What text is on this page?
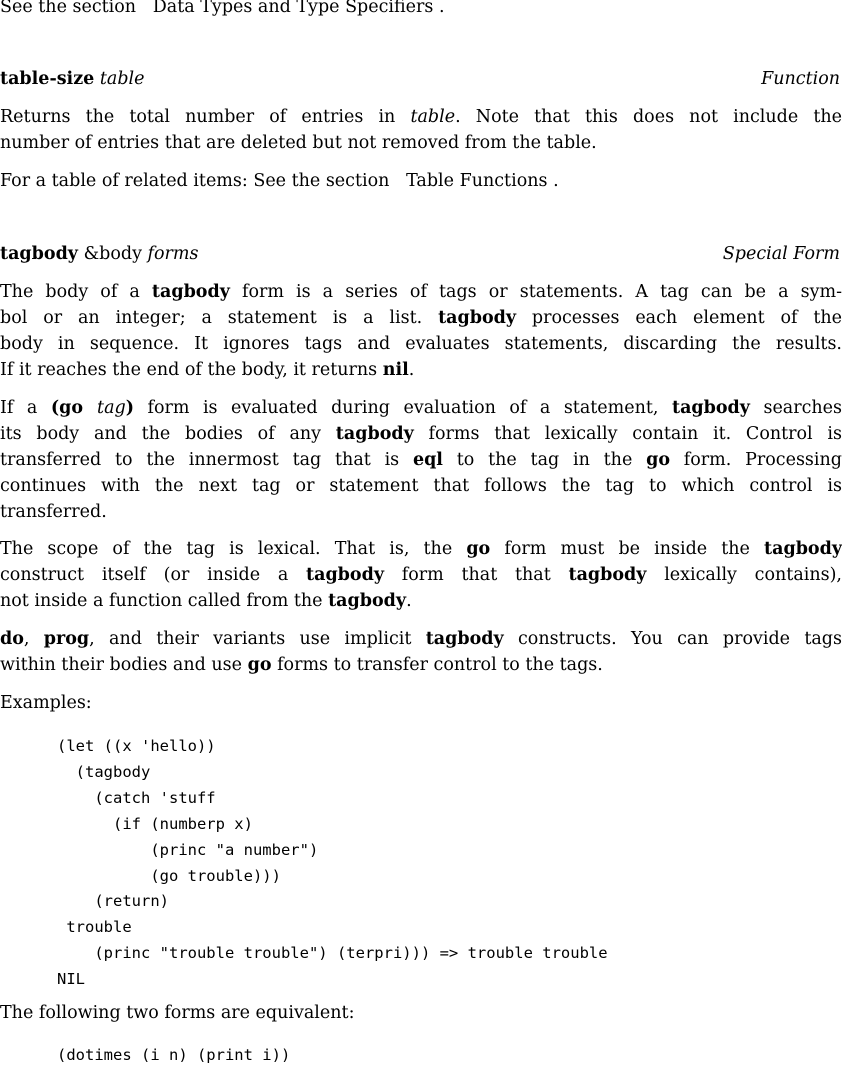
See the section Data Types and Type Specifiers .
table-size table	Function
Returns the total number of entries in table. Note that this does not include the
number of entries that are deleted but not removed from the table.
For a table of related items: See the section Table Functions .
tagbody &body forms	Special Form
The body of a tagbody form is a series of tags or statements. A tag can be a sym-
bol or an integer; a statement is a list. tagbody processes each element of the
body in sequence. It ignores tags and evaluates statements, discarding the results.
If it reaches the end of the body, it returns nil.
If a (go tag) form is evaluated during evaluation of a statement, tagbody searches
its body and the bodies of any tagbody forms that lexically contain it. Control is
transferred to the innermost tag that is eql to the tag in the go form. Processing
continues with the next tag or statement that follows the tag to which control is
transferred.
The scope of the tag is lexical. That is, the go form must be inside the tagbody
construct itself (or inside a tagbody form that that tagbody lexically contains),
not inside a function called from the tagbody.
do, prog, and their variants use implicit tagbody constructs. You can provide tags
within their bodies and use go forms to transfer control to the tags.
Examples:
(let ((x 'hello))
(tagbody
(catch 'stuff
(if (numberp x)
(princ "a number")
(go trouble)))
(return)
trouble
(princ "trouble trouble") (terpri))) => trouble trouble
NIL
The following two forms are equivalent:
(dotimes (i n) (print i))
